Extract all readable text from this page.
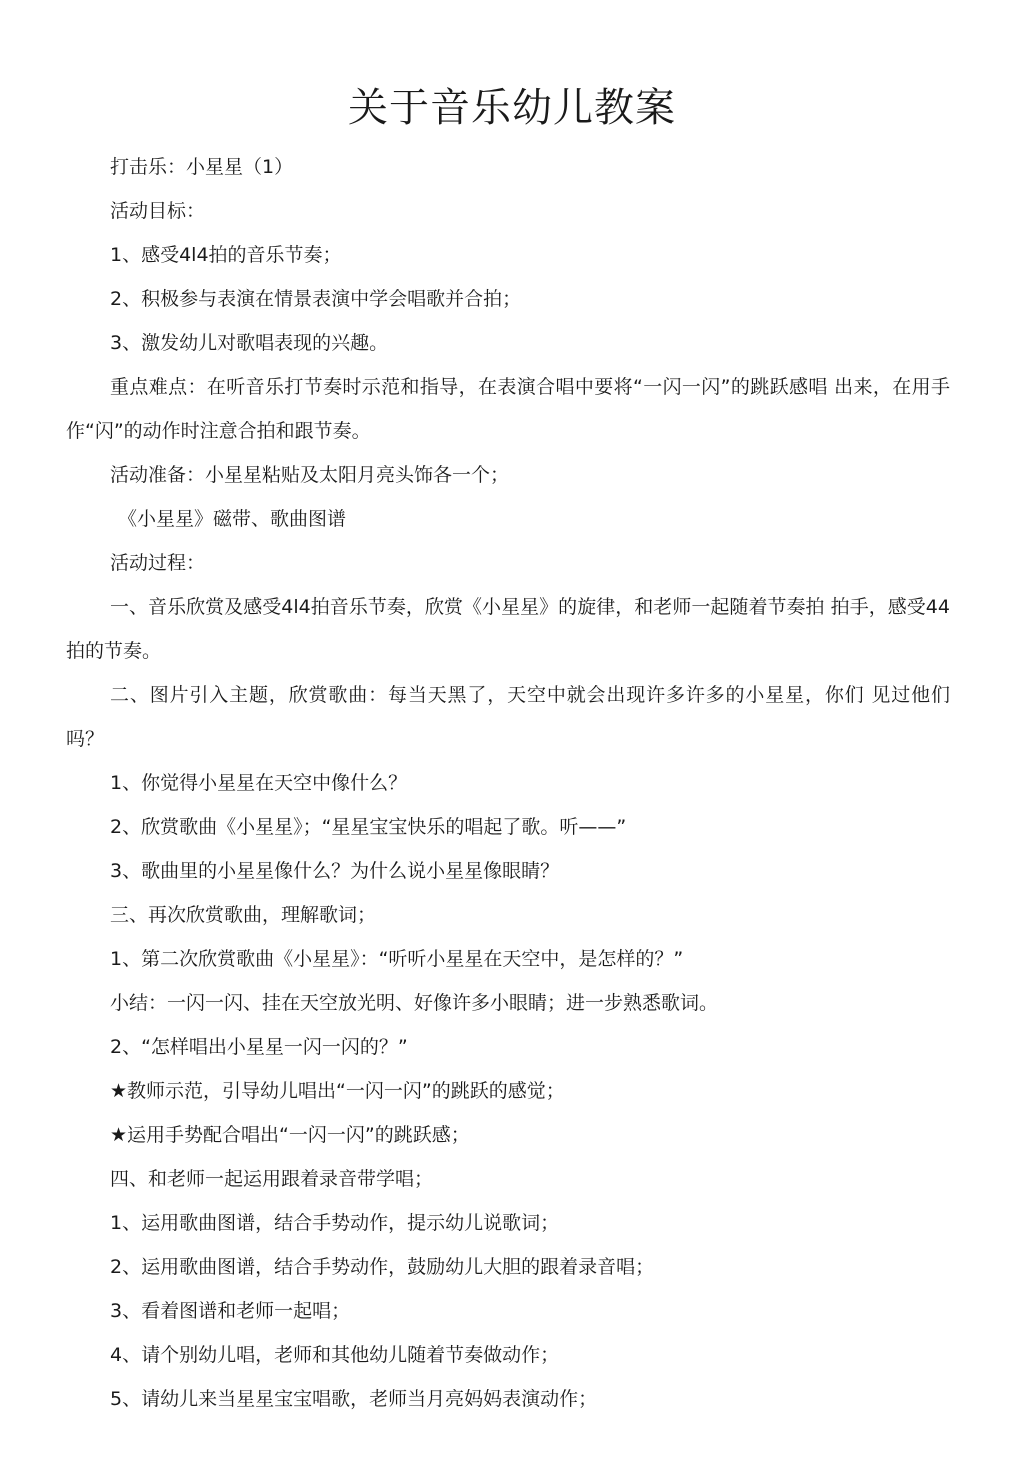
关于音乐幼儿教案

打击乐：小星星（1）

活动目标：

1、感受4l4拍的音乐节奏；

2、积极参与表演在情景表演中学会唱歌并合拍；

3、激发幼儿对歌唱表现的兴趣。

重点难点：在听音乐打节奏时示范和指导，在表演合唱中要将“一闪一闪”的跳跃感唱 出来，在用手作“闪”的动作时注意合拍和跟节奏。

活动准备：小星星粘贴及太阳月亮头饰各一个；

《小星星》磁带、歌曲图谱

活动过程：

一、音乐欣赏及感受4l4拍音乐节奏，欣赏《小星星》的旋律，和老师一起随着节奏拍 拍手，感受44拍的节奏。

二、图片引入主题，欣赏歌曲：每当天黑了，天空中就会出现许多许多的小星星，你们 见过他们吗？

1、你觉得小星星在天空中像什么？

2、欣赏歌曲《小星星》；“星星宝宝快乐的唱起了歌。听——”

3、歌曲里的小星星像什么？为什么说小星星像眼睛？

三、再次欣赏歌曲，理解歌词；

1、第二次欣赏歌曲《小星星》：“听听小星星在天空中，是怎样的？”

小结：一闪一闪、挂在天空放光明、好像许多小眼睛；进一步熟悉歌词。

2、“怎样唱出小星星一闪一闪的？”

★教师示范，引导幼儿唱出“一闪一闪”的跳跃的感觉；

★运用手势配合唱出“一闪一闪”的跳跃感；

四、和老师一起运用跟着录音带学唱；

1、运用歌曲图谱，结合手势动作，提示幼儿说歌词；

2、运用歌曲图谱，结合手势动作，鼓励幼儿大胆的跟着录音唱；

3、看着图谱和老师一起唱；

4、请个别幼儿唱，老师和其他幼儿随着节奏做动作；

5、请幼儿来当星星宝宝唱歌，老师当月亮妈妈表演动作；
